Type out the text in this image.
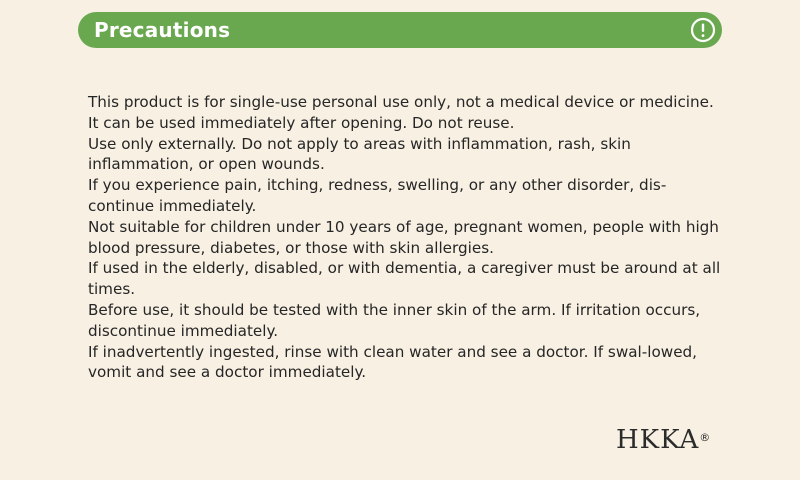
Precautions

This product is for single-use personal use only, not a medical device or medicine. It can be used immediately after opening. Do not reuse.

Use only externally. Do not apply to areas with inflammation, rash, skin inflammation, or open wounds.

If you experience pain, itching, redness, swelling, or any other disorder, dis-continue immediately.

Not suitable for children under 10 years of age, pregnant women, people with high blood pressure, diabetes, or those with skin allergies.

If used in the elderly, disabled, or with dementia, a caregiver must be around at all times.

Before use, it should be tested with the inner skin of the arm. If irritation occurs, discontinue immediately.

If inadvertently ingested, rinse with clean water and see a doctor. If swal-lowed, vomit and see a doctor immediately.

HKKA®
